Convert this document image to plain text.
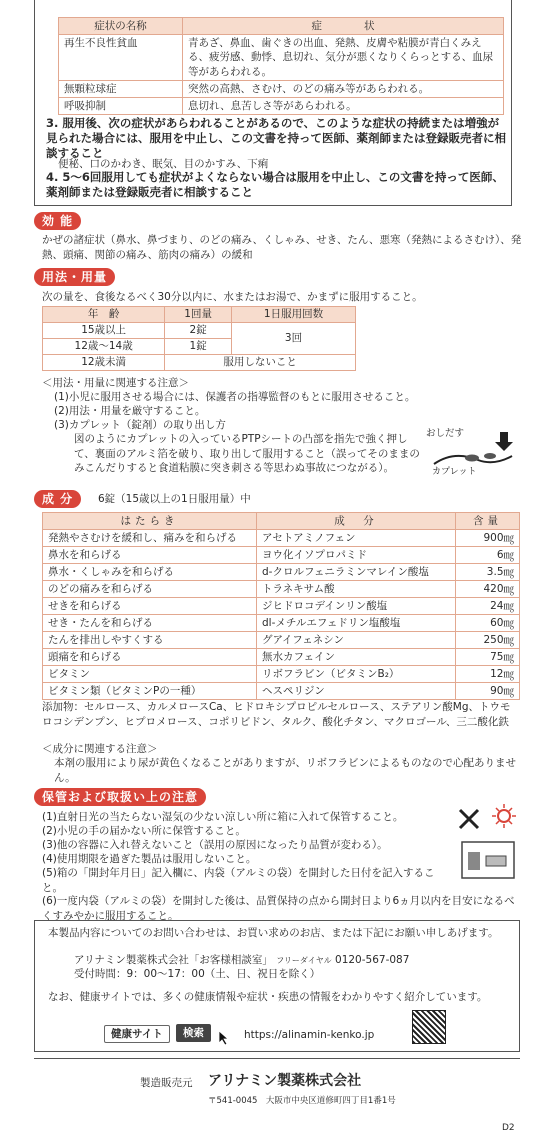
症状の名称	症　　　　状
再生不良性貧血	青あざ、鼻血、歯ぐきの出血、発熱、皮膚や粘膜が青白くみえる、疲労感、動悸、息切れ、気分が悪くなりくらっとする、血尿等があらわれる。
無顆粒球症	突然の高熱、さむけ、のどの痛み等があらわれる。
呼吸抑制	息切れ、息苦しさ等があらわれる。
3. 服用後、次の症状があらわれることがあるので、このような症状の持続または増強が見られた場合には、服用を中止し、この文書を持って医師、薬剤師または登録販売者に相談すること
便秘、口のかわき、眠気、目のかすみ、下痢
4. 5～6回服用しても症状がよくならない場合は服用を中止し、この文書を持って医師、薬剤師または登録販売者に相談すること
効 能
かぜの諸症状（鼻水、鼻づまり、のどの痛み、くしゃみ、せき、たん、悪寒（発熱によるさむけ）、発熱、頭痛、関節の痛み、筋肉の痛み）の緩和
用法・用量
次の量を、食後なるべく30分以内に、水またはお湯で、かまずに服用すること。
年　齢	1回量	1日服用回数
15歳以上	2錠	3回
12歳～14歳	1錠	
12歳未満	服用しないこと	
＜用法・用量に関連する注意＞
(1)小児に服用させる場合には、保護者の指導監督のもとに服用させること。
(2)用法・用量を厳守すること。
(3)カプレット（錠剤）の取り出し方
図のようにカプレットの入っているPTPシートの凸部を指先で強く押して、裏面のアルミ箔を破り、取り出して服用すること（誤ってそのままのみこんだりすると食道粘膜に突き刺さる等思わぬ事故につながる）。
おしだす
カプレット
成 分	6錠（15歳以上の1日服用量）中
はたらき	成　分	含量
発熱やさむけを緩和し、痛みを和らげる	アセトアミノフェン	900㎎
鼻水を和らげる	ヨウ化イソプロパミド	6㎎
鼻水・くしゃみを和らげる	d-クロルフェニラミンマレイン酸塩	3.5㎎
のどの痛みを和らげる	トラネキサム酸	420㎎
せきを和らげる	ジヒドロコデインリン酸塩	24㎎
せき・たんを和らげる	dl-メチルエフェドリン塩酸塩	60㎎
たんを排出しやすくする	グアイフェネシン	250㎎
頭痛を和らげる	無水カフェイン	75㎎
ビタミン	リボフラビン（ビタミンB₂）	12㎎
ビタミン類（ビタミンPの一種）	ヘスペリジン	90㎎
添加物：セルロース、カルメロースCa、ヒドロキシプロピルセルロース、ステアリン酸Mg、トウモロコシデンプン、ヒプロメロース、コポリビドン、タルク、酸化チタン、マクロゴール、三二酸化鉄
＜成分に関連する注意＞
本剤の服用により尿が黄色くなることがありますが、リボフラビンによるものなので心配ありません。
保管および取扱い上の注意
(1)直射日光の当たらない湿気の少ない涼しい所に箱に入れて保管すること。
(2)小児の手の届かない所に保管すること。
(3)他の容器に入れ替えないこと（誤用の原因になったり品質が変わる）。
(4)使用期限を過ぎた製品は服用しないこと。
(5)箱の「開封年月日」記入欄に、内袋（アルミの袋）を開封した日付を記入すること。
(6)一度内袋（アルミの袋）を開封した後は、品質保持の点から開封日より6ヵ月以内を目安になるべくすみやかに服用すること。
本製品内容についてのお問い合わせは、お買い求めのお店、または下記にお願い申しあげます。
アリナミン製薬株式会社「お客様相談室」 フリーダイヤル 0120-567-087
受付時間：9：00～17：00（土、日、祝日を除く）
なお、健康サイトでは、多くの健康情報や症状・疾患の情報をわかりやすく紹介しています。
健康サイト	検索	https://alinamin-kenko.jp
製造販売元	アリナミン製薬株式会社
〒541-0045　大阪市中央区道修町四丁目1番1号
D2
